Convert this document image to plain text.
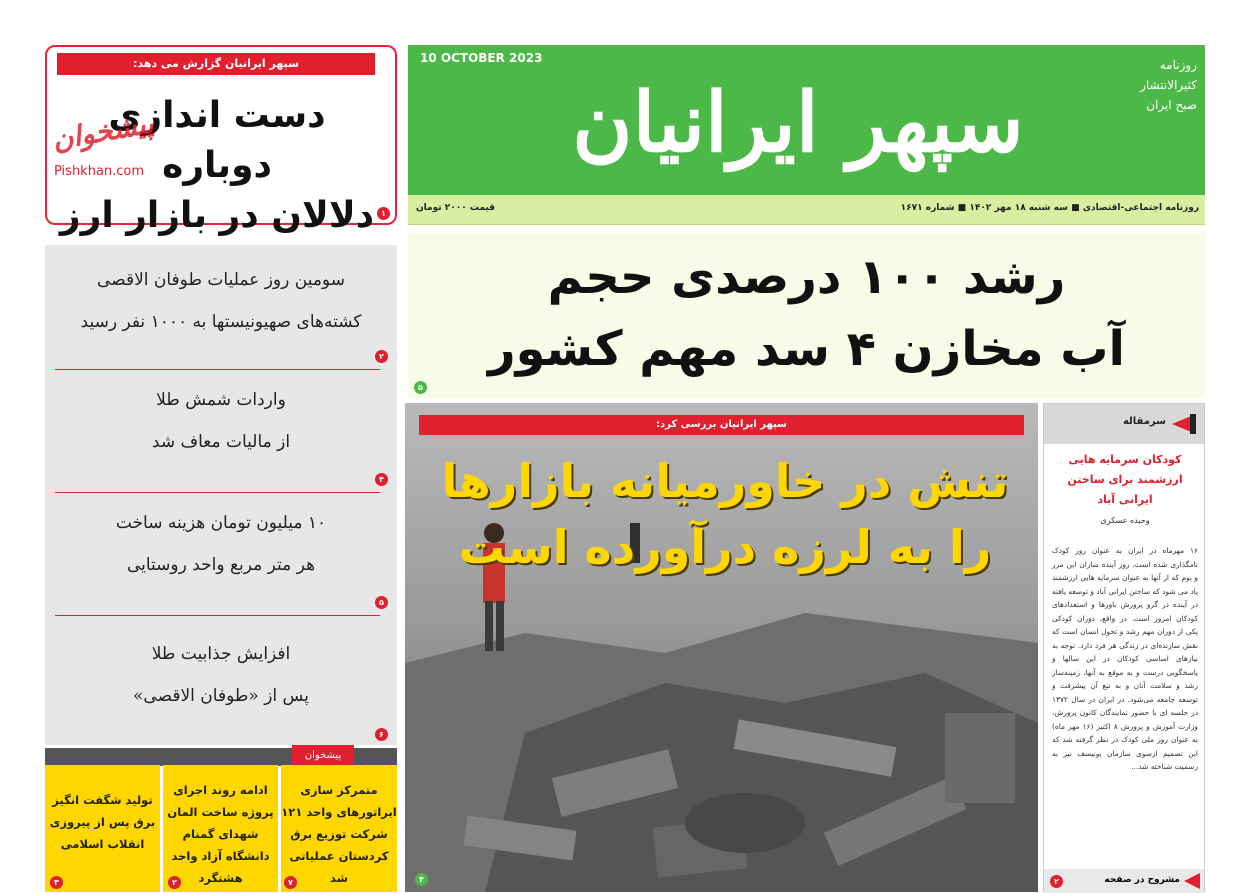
سپهر ایرانیان گزارش می دهد:
دست اندازی دوباره
دلالان در بازار ارز ۱
پیشخوان
Pishkhan.com
10 OCTOBER 2023
سپهر ایرانیان
روزنامه
کثیرالانتشار
صبح ایران
روزنامه اجتماعی-اقتصادی ■ سه شنبه ۱۸ مهر ۱۴۰۲ ■ شماره ۱۶۷۱
قیمت ۲۰۰۰ تومان
رشد ۱۰۰ درصدی حجم
آب مخازن ۴ سد مهم کشور
۵
سومین روز عملیات طوفان الاقصی
کشته‌های صهیونیستها به ۱۰۰۰ نفر رسید
۲
واردات شمش طلا
از مالیات معاف شد
۴
۱۰ میلیون تومان هزینه ساخت
هر متر مربع واحد روستایی
۵
افزایش جذابیت طلا
پس از «طوفان الاقصی»
۶
پیشخوان
متمرکز سازی ایراتورهای واحد ۱۲۱ شرکت توزیع برق کردستان عملیاتی شد
۷
ادامه روند اجرای پروژه ساخت المان شهدای گمنام دانشگاه آزاد واحد هشتگرد
۲
تولید شگفت انگیز برق پس از پیروزی انقلاب اسلامی
۳
سپهر ایرانیان بررسی کرد:
تنش در خاورمیانه بازارها
را به لرزه درآورده است
۴
سرمقاله
کودکان سرمایه هایی ارزشمند برای ساختن ایرانی آباد
وحیده عسکری
۱۶ مهرماه در ایران به عنوان روز کودک نامگذاری شده است، روز آینده سازان این مرز و بوم که از آنها به عنوان سرمایه هایی ارزشمند یاد می شود که ساختن ایرانی آباد و توسعه یافته در آینده در گرو پرورش باورها و استعدادهای کودکان امروز است. در واقع، دوران کودکی یکی از دوران مهم رشد و تحول انسان است که نقش سازنده‌ای در زندگی هر فرد دارد. توجه به نیازهای اساسی کودکان در این سالها و پاسخگویی درست و به موقع به آنها، زمینه‌ساز رشد و سلامت آنان و به تبع آن پیشرفت و توسعه جامعه می‌شود. در ایران در سال ۱۳۷۲ در جلسه ای با حضور نمایندگان کانون پرورش، وزارت آموزش و پرورش ۸ اکتبر (۱۶ مهر ماه) به عنوان روز ملی کودک در نظر گرفته شد که این تصمیم ازسوی سازمان یونیسف نیز به رسمیت شناخته شد...
مشروح در صفحه
۲
